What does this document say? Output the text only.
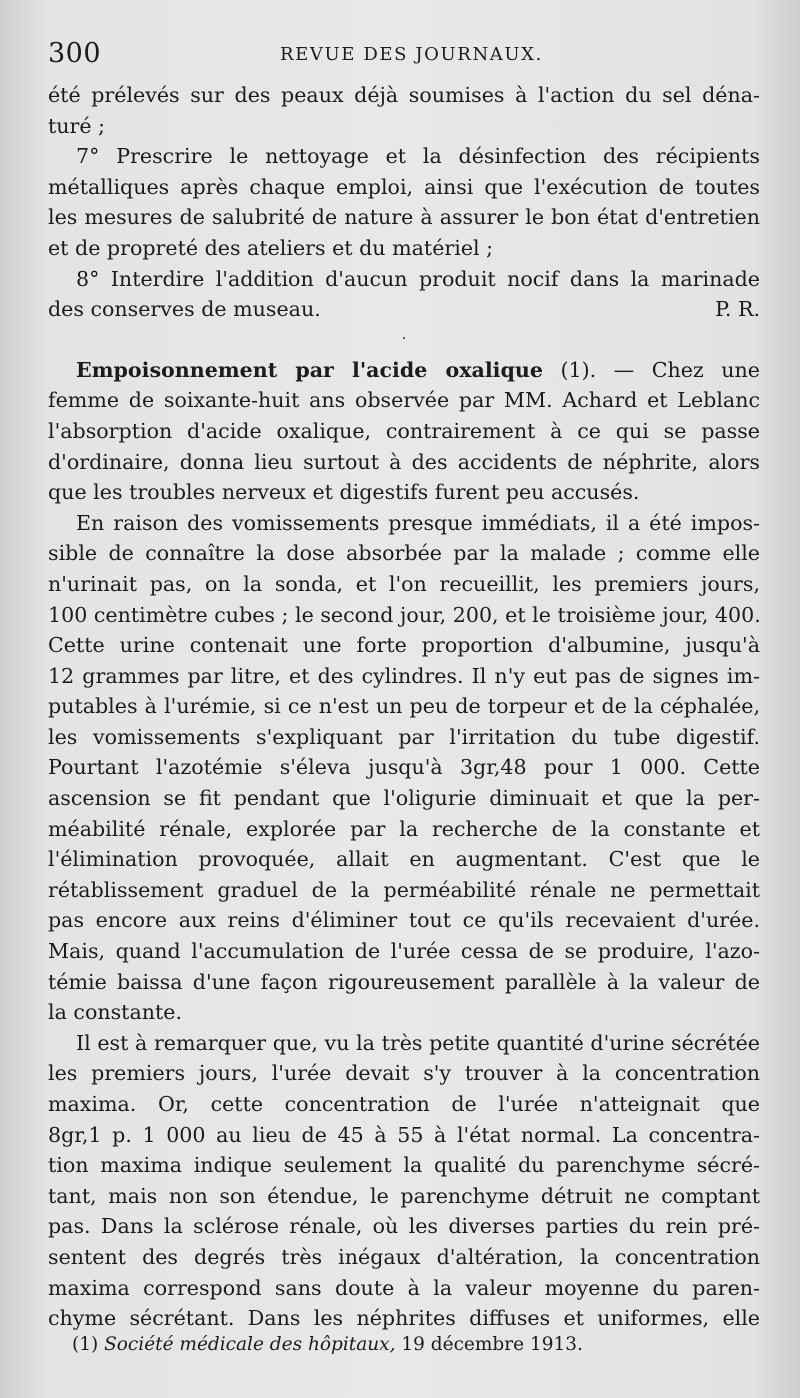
300	REVUE DES JOURNAUX.
été prélevés sur des peaux déjà soumises à l'action du sel déna-
turé ;
7° Prescrire le nettoyage et la désinfection des récipients
métalliques après chaque emploi, ainsi que l'exécution de toutes
les mesures de salubrité de nature à assurer le bon état d'entretien
et de propreté des ateliers et du matériel ;
8° Interdire l'addition d'aucun produit nocif dans la marinade
des conserves de museau.	P. R.
·
Empoisonnement par l'acide oxalique (1). — Chez une
femme de soixante-huit ans observée par MM. Achard et Leblanc
l'absorption d'acide oxalique, contrairement à ce qui se passe
d'ordinaire, donna lieu surtout à des accidents de néphrite, alors
que les troubles nerveux et digestifs furent peu accusés.
En raison des vomissements presque immédiats, il a été impos-
sible de connaître la dose absorbée par la malade ; comme elle
n'urinait pas, on la sonda, et l'on recueillit, les premiers jours,
100 centimètre cubes ; le second jour, 200, et le troisième jour, 400.
Cette urine contenait une forte proportion d'albumine, jusqu'à
12 grammes par litre, et des cylindres. Il n'y eut pas de signes im-
putables à l'urémie, si ce n'est un peu de torpeur et de la céphalée,
les vomissements s'expliquant par l'irritation du tube digestif.
Pourtant l'azotémie s'éleva jusqu'à 3gr,48 pour 1 000. Cette
ascension se fit pendant que l'oligurie diminuait et que la per-
méabilité rénale, explorée par la recherche de la constante et
l'élimination provoquée, allait en augmentant. C'est que le
rétablissement graduel de la perméabilité rénale ne permettait
pas encore aux reins d'éliminer tout ce qu'ils recevaient d'urée.
Mais, quand l'accumulation de l'urée cessa de se produire, l'azo-
témie baissa d'une façon rigoureusement parallèle à la valeur de
la constante.
Il est à remarquer que, vu la très petite quantité d'urine sécrétée
les premiers jours, l'urée devait s'y trouver à la concentration
maxima. Or, cette concentration de l'urée n'atteignait que
8gr,1 p. 1 000 au lieu de 45 à 55 à l'état normal. La concentra-
tion maxima indique seulement la qualité du parenchyme sécré-
tant, mais non son étendue, le parenchyme détruit ne comptant
pas. Dans la sclérose rénale, où les diverses parties du rein pré-
sentent des degrés très inégaux d'altération, la concentration
maxima correspond sans doute à la valeur moyenne du paren-
chyme sécrétant. Dans les néphrites diffuses et uniformes, elle
(1) Société médicale des hôpitaux, 19 décembre 1913.
